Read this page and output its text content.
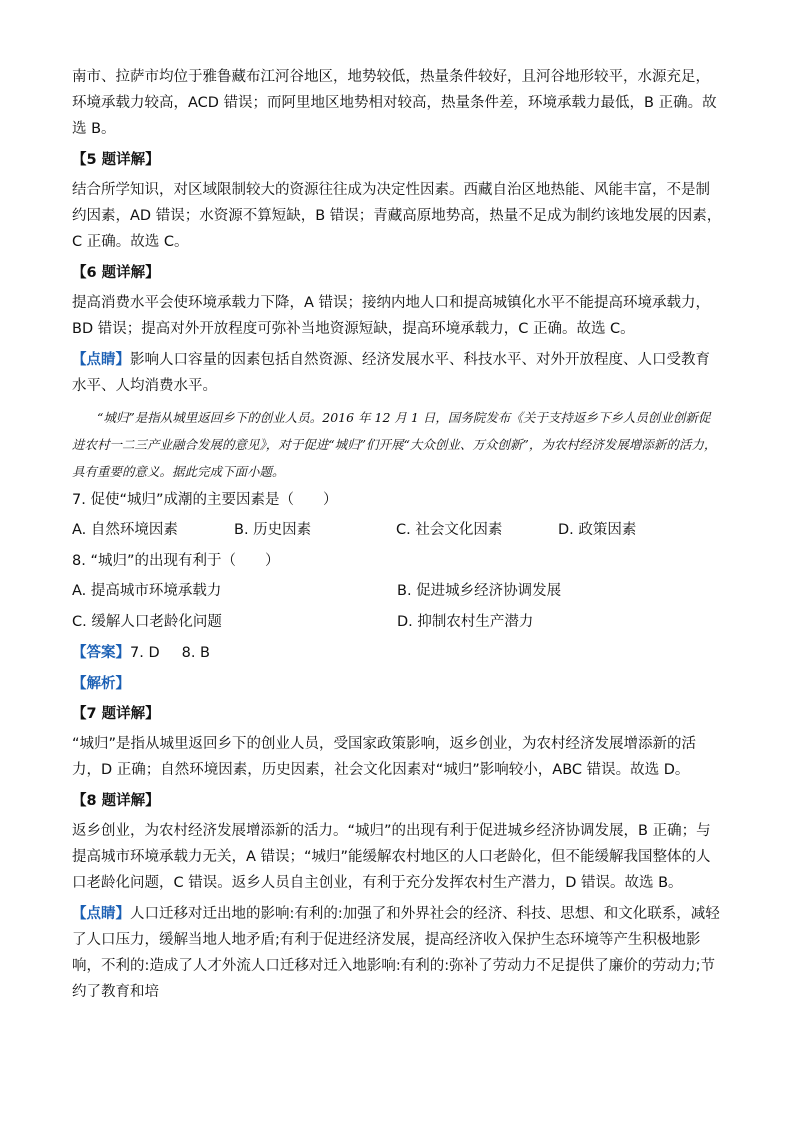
南市、拉萨市均位于雅鲁藏布江河谷地区，地势较低，热量条件较好，且河谷地形较平，水源充足，环境承载力较高，ACD 错误；而阿里地区地势相对较高，热量条件差，环境承载力最低，B 正确。故选 B。

【5 题详解】

结合所学知识，对区域限制较大的资源往往成为决定性因素。西藏自治区地热能、风能丰富，不是制约因素，AD 错误；水资源不算短缺，B 错误；青藏高原地势高，热量不足成为制约该地发展的因素，C 正确。故选 C。

【6 题详解】

提高消费水平会使环境承载力下降，A 错误；接纳内地人口和提高城镇化水平不能提高环境承载力，BD 错误；提高对外开放程度可弥补当地资源短缺，提高环境承载力，C 正确。故选 C。

【点睛】影响人口容量的因素包括自然资源、经济发展水平、科技水平、对外开放程度、人口受教育水平、人均消费水平。

“城归”是指从城里返回乡下的创业人员。2016 年 12 月 1 日，国务院发布《关于支持返乡下乡人员创业创新促进农村一二三产业融合发展的意见》，对于促进“城归”们开展“大众创业、万众创新”，为农村经济发展增添新的活力，具有重要的意义。据此完成下面小题。

7. 促使“城归”成潮的主要因素是（　　）

A. 自然环境因素	B. 历史因素	C. 社会文化因素	D. 政策因素

8. “城归”的出现有利于（　　）

A. 提高城市环境承载力	B. 促进城乡经济协调发展
C. 缓解人口老龄化问题	D. 抑制农村生产潜力

【答案】7. D 8. B

【解析】
【7 题详解】

“城归”是指从城里返回乡下的创业人员，受国家政策影响，返乡创业，为农村经济发展增添新的活力，D 正确；自然环境因素，历史因素，社会文化因素对“城归”影响较小，ABC 错误。故选 D。

【8 题详解】

返乡创业，为农村经济发展增添新的活力。“城归”的出现有利于促进城乡经济协调发展，B 正确；与提高城市环境承载力无关，A 错误；“城归”能缓解农村地区的人口老龄化，但不能缓解我国整体的人口老龄化问题，C 错误。返乡人员自主创业，有利于充分发挥农村生产潜力，D 错误。故选 B。

【点睛】人口迁移对迁出地的影响:有利的:加强了和外界社会的经济、科技、思想、和文化联系，减轻了人口压力，缓解当地人地矛盾;有利于促进经济发展，提高经济收入保护生态环境等产生积极地影响，不利的:造成了人才外流人口迁移对迁入地影响:有利的:弥补了劳动力不足提供了廉价的劳动力;节约了教育和培
